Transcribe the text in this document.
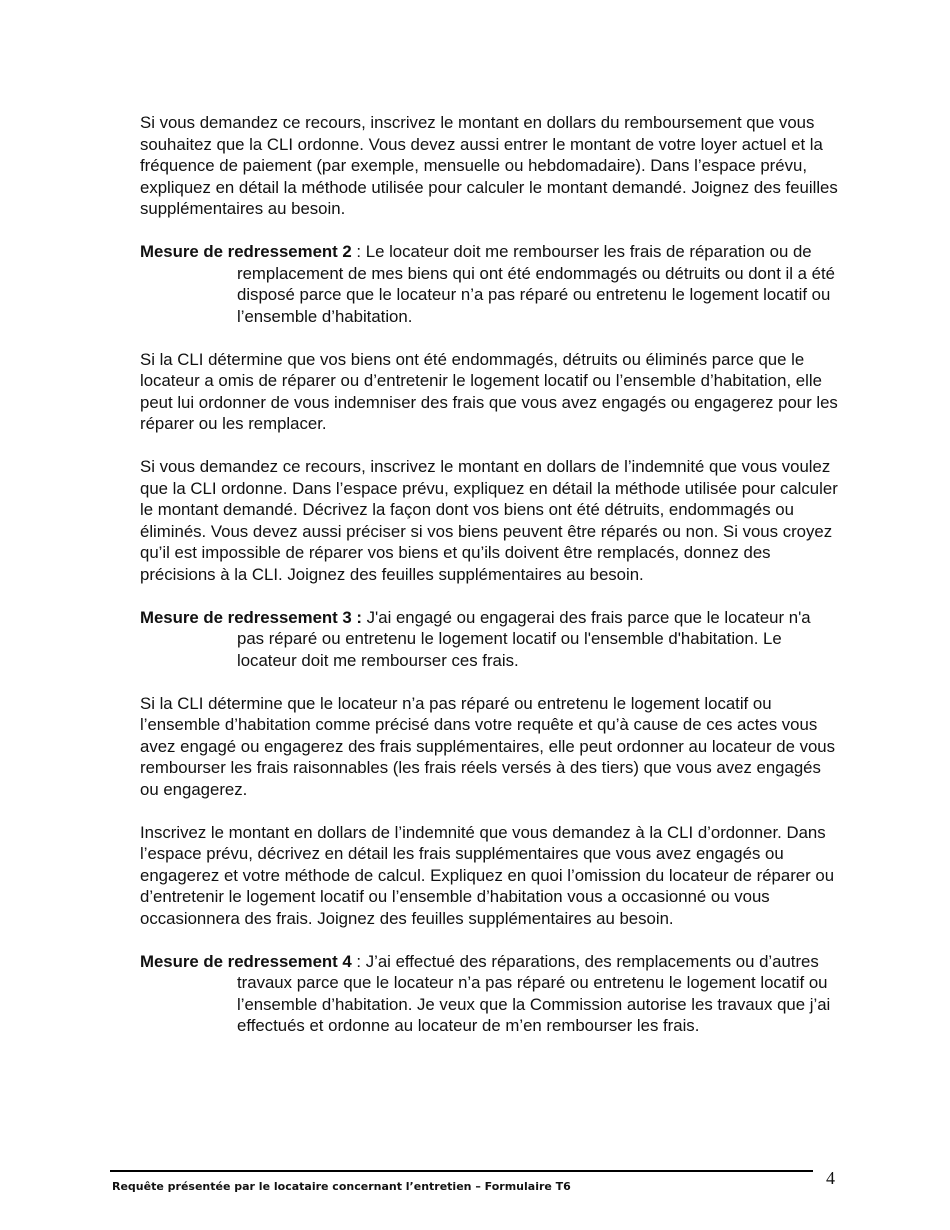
Si vous demandez ce recours, inscrivez le montant en dollars du remboursement que vous souhaitez que la CLI ordonne. Vous devez aussi entrer le montant de votre loyer actuel et la fréquence de paiement (par exemple, mensuelle ou hebdomadaire). Dans l’espace prévu, expliquez en détail la méthode utilisée pour calculer le montant demandé. Joignez des feuilles supplémentaires au besoin.

Mesure de redressement 2 : Le locateur doit me rembourser les frais de réparation ou de remplacement de mes biens qui ont été endommagés ou détruits ou dont il a été disposé parce que le locateur n’a pas réparé ou entretenu le logement locatif ou l’ensemble d’habitation.

Si la CLI détermine que vos biens ont été endommagés, détruits ou éliminés parce que le locateur a omis de réparer ou d’entretenir le logement locatif ou l’ensemble d’habitation, elle peut lui ordonner de vous indemniser des frais que vous avez engagés ou engagerez pour les réparer ou les remplacer.

Si vous demandez ce recours, inscrivez le montant en dollars de l’indemnité que vous voulez que la CLI ordonne. Dans l’espace prévu, expliquez en détail la méthode utilisée pour calculer le montant demandé. Décrivez la façon dont vos biens ont été détruits, endommagés ou éliminés. Vous devez aussi préciser si vos biens peuvent être réparés ou non. Si vous croyez qu’il est impossible de réparer vos biens et qu’ils doivent être remplacés, donnez des précisions à la CLI. Joignez des feuilles supplémentaires au besoin.

Mesure de redressement 3 : J'ai engagé ou engagerai des frais parce que le locateur n'a pas réparé ou entretenu le logement locatif ou l'ensemble d'habitation. Le locateur doit me rembourser ces frais.

Si la CLI détermine que le locateur n’a pas réparé ou entretenu le logement locatif ou l’ensemble d’habitation comme précisé dans votre requête et qu’à cause de ces actes vous avez engagé ou engagerez des frais supplémentaires, elle peut ordonner au locateur de vous rembourser les frais raisonnables (les frais réels versés à des tiers) que vous avez engagés ou engagerez.

Inscrivez le montant en dollars de l’indemnité que vous demandez à la CLI d’ordonner. Dans l’espace prévu, décrivez en détail les frais supplémentaires que vous avez engagés ou engagerez et votre méthode de calcul. Expliquez en quoi l’omission du locateur de réparer ou d’entretenir le logement locatif ou l’ensemble d’habitation vous a occasionné ou vous occasionnera des frais. Joignez des feuilles supplémentaires au besoin.

Mesure de redressement 4 : J’ai effectué des réparations, des remplacements ou d’autres travaux parce que le locateur n’a pas réparé ou entretenu le logement locatif ou l’ensemble d’habitation. Je veux que la Commission autorise les travaux que j’ai effectués et ordonne au locateur de m’en rembourser les frais.

Requête présentée par le locataire concernant l’entretien – Formulaire T6	4
